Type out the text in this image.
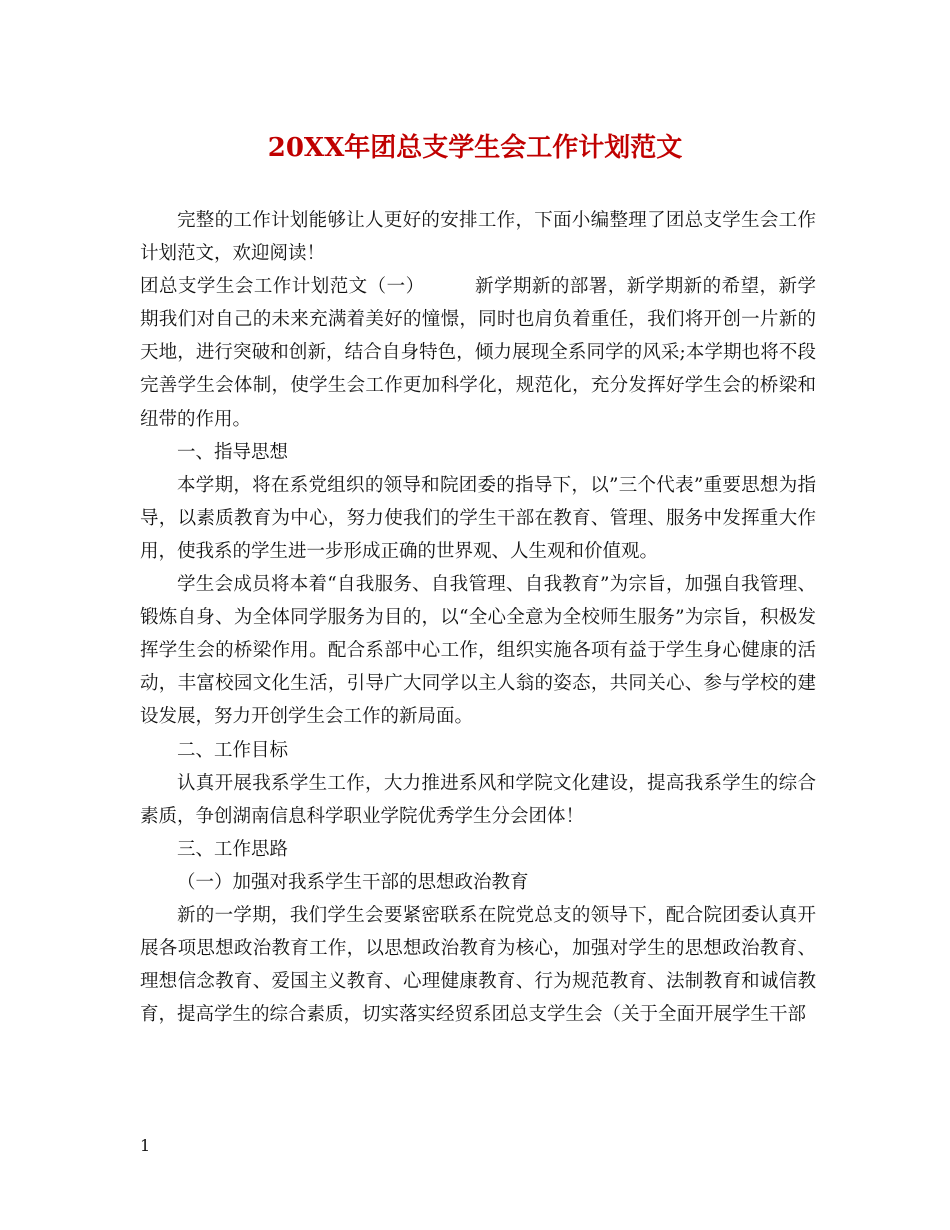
20XX年团总支学生会工作计划范文

完整的工作计划能够让人更好的安排工作，下面小编整理了团总支学生会工作计划范文，欢迎阅读！

团总支学生会工作计划范文（一）	新学期新的部署，新学期新的希望，新学期我们对自己的未来充满着美好的憧憬，同时也肩负着重任，我们将开创一片新的天地，进行突破和创新，结合自身特色，倾力展现全系同学的风采;本学期也将不段完善学生会体制，使学生会工作更加科学化，规范化，充分发挥好学生会的桥梁和纽带的作用。

一、指导思想

本学期，将在系党组织的领导和院团委的指导下，以”三个代表”重要思想为指导，以素质教育为中心，努力使我们的学生干部在教育、管理、服务中发挥重大作用，使我系的学生进一步形成正确的世界观、人生观和价值观。

学生会成员将本着“自我服务、自我管理、自我教育”为宗旨，加强自我管理、锻炼自身、为全体同学服务为目的，以“全心全意为全校师生服务”为宗旨，积极发挥学生会的桥梁作用。配合系部中心工作，组织实施各项有益于学生身心健康的活动，丰富校园文化生活，引导广大同学以主人翁的姿态，共同关心、参与学校的建设发展，努力开创学生会工作的新局面。

二、工作目标

认真开展我系学生工作，大力推进系风和学院文化建设，提高我系学生的综合素质，争创湖南信息科学职业学院优秀学生分会团体！

三、工作思路

（一）加强对我系学生干部的思想政治教育

新的一学期，我们学生会要紧密联系在院党总支的领导下，配合院团委认真开展各项思想政治教育工作，以思想政治教育为核心，加强对学生的思想政治教育、理想信念教育、爱国主义教育、心理健康教育、行为规范教育、法制教育和诚信教育，提高学生的综合素质，切实落实经贸系团总支学生会（关于全面开展学生干部

1
